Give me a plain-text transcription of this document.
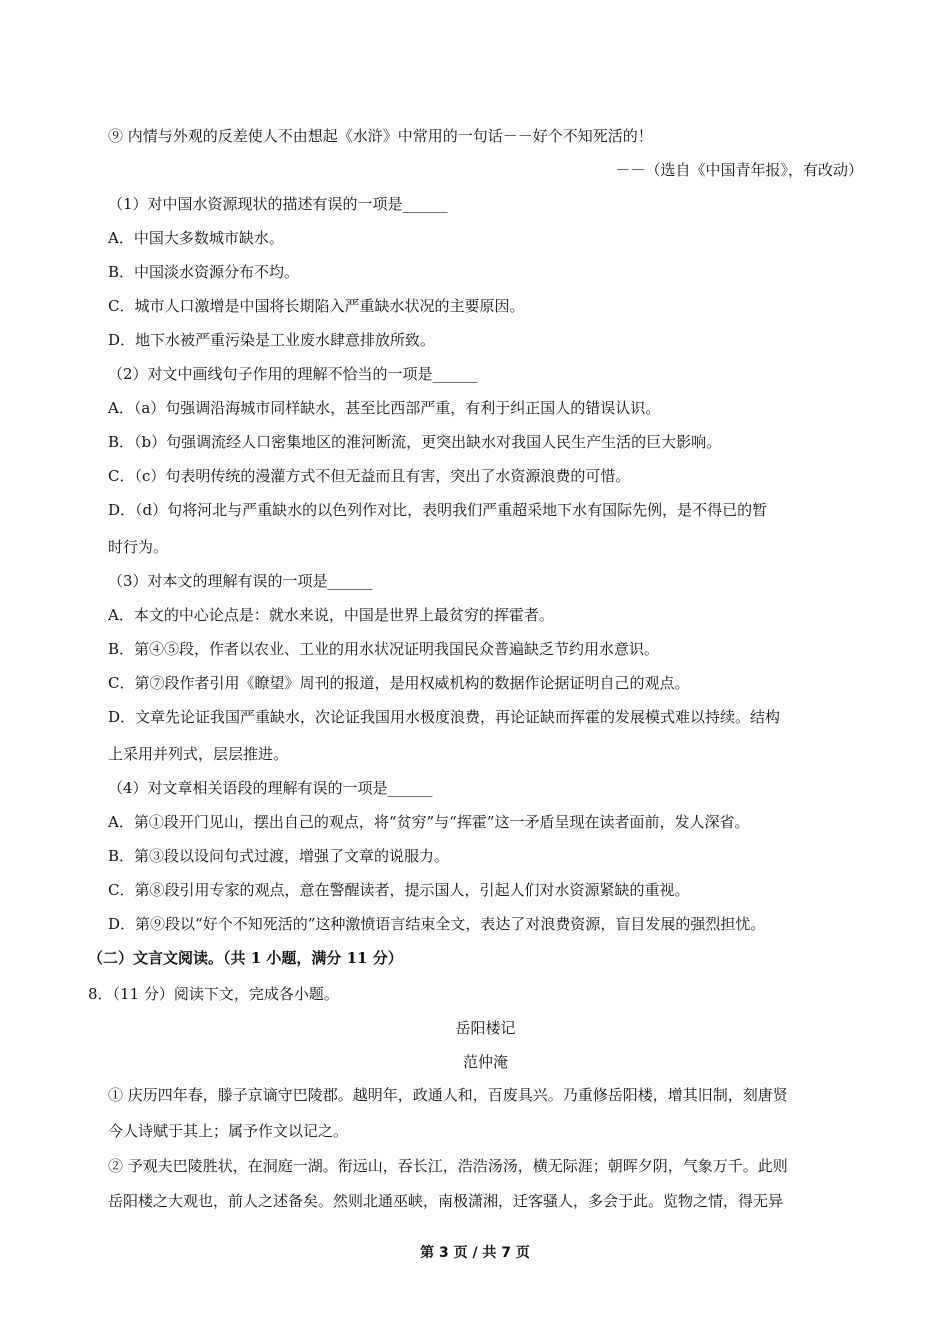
⑨ 内情与外观的反差使人不由想起《水浒》中常用的一句话－－好个不知死活的！
－－（选自《中国青年报》，有改动）
（1）对中国水资源现状的描述有误的一项是______
A．中国大多数城市缺水。
B．中国淡水资源分布不均。
C．城市人口激增是中国将长期陷入严重缺水状况的主要原因。
D．地下水被严重污染是工业废水肆意排放所致。
（2）对文中画线句子作用的理解不恰当的一项是______
A．（a）句强调沿海城市同样缺水，甚至比西部严重，有利于纠正国人的错误认识。
B．（b）句强调流经人口密集地区的淮河断流，更突出缺水对我国人民生产生活的巨大影响。
C．（c）句表明传统的漫灌方式不但无益而且有害，突出了水资源浪费的可惜。
D．（d）句将河北与严重缺水的以色列作对比，表明我们严重超采地下水有国际先例，是不得已的暂
时行为。
（3）对本文的理解有误的一项是______
A．本文的中心论点是：就水来说，中国是世界上最贫穷的挥霍者。
B．第④⑤段，作者以农业、工业的用水状况证明我国民众普遍缺乏节约用水意识。
C．第⑦段作者引用《瞭望》周刊的报道，是用权威机构的数据作论据证明自己的观点。
D．文章先论证我国严重缺水，次论证我国用水极度浪费，再论证缺而挥霍的发展模式难以持续。结构
上采用并列式，层层推进。
（4）对文章相关语段的理解有误的一项是______
A．第①段开门见山，摆出自己的观点，将“贫穷”与“挥霍”这一矛盾呈现在读者面前，发人深省。
B．第③段以设问句式过渡，增强了文章的说服力。
C．第⑧段引用专家的观点，意在警醒读者，提示国人，引起人们对水资源紧缺的重视。
D．第⑨段以“好个不知死活的”这种激愤语言结束全文，表达了对浪费资源，盲目发展的强烈担忧。
（二）文言文阅读。（共 1 小题，满分 11 分）
8．（11 分）阅读下文，完成各小题。
岳阳楼记
范仲淹
① 庆历四年春，滕子京谪守巴陵郡。越明年，政通人和，百废具兴。乃重修岳阳楼，增其旧制，刻唐贤
今人诗赋于其上；属予作文以记之。
② 予观夫巴陵胜状，在洞庭一湖。衔远山，吞长江，浩浩汤汤，横无际涯；朝晖夕阴，气象万千。此则
岳阳楼之大观也，前人之述备矣。然则北通巫峡，南极潇湘，迁客骚人，多会于此。览物之情，得无异
第 3 页 / 共 7 页
